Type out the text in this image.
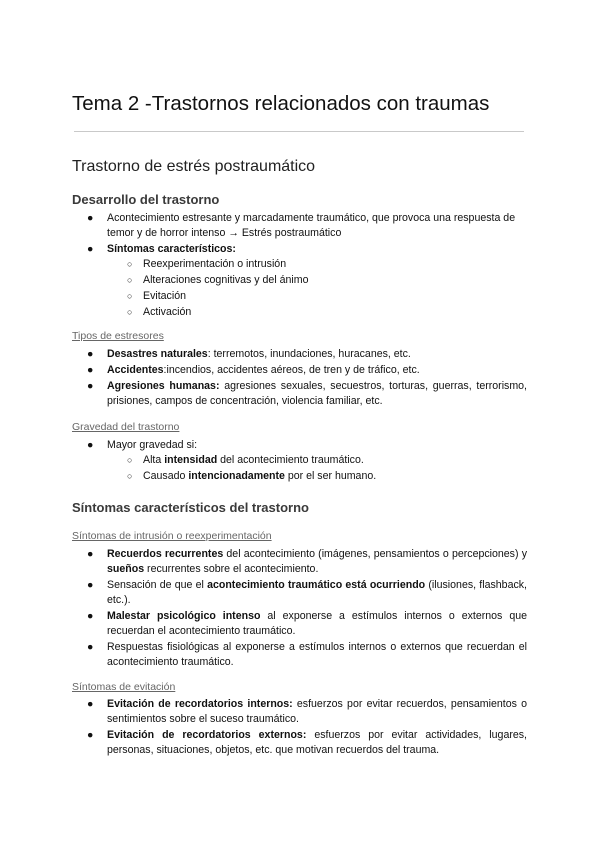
Tema 2 -Trastornos relacionados con traumas
Trastorno de estrés postraumático
Desarrollo del trastorno
● Acontecimiento estresante y marcadamente traumático, que provoca una respuesta de temor y de horror intenso → Estrés postraumático
● Síntomas característicos:
○ Reexperimentación o intrusión
○ Alteraciones cognitivas y del ánimo
○ Evitación
○ Activación
Tipos de estresores
● Desastres naturales: terremotos, inundaciones, huracanes, etc.
● Accidentes:incendios, accidentes aéreos, de tren y de tráfico, etc.
● Agresiones humanas: agresiones sexuales, secuestros, torturas, guerras, terrorismo, prisiones, campos de concentración, violencia familiar, etc.
Gravedad del trastorno
● Mayor gravedad si:
○ Alta intensidad del acontecimiento traumático.
○ Causado intencionadamente por el ser humano.
Síntomas característicos del trastorno
Síntomas de intrusión o reexperimentación
● Recuerdos recurrentes del acontecimiento (imágenes, pensamientos o percepciones) y sueños recurrentes sobre el acontecimiento.
● Sensación de que el acontecimiento traumático está ocurriendo (ilusiones, flashback, etc.).
● Malestar psicológico intenso al exponerse a estímulos internos o externos que recuerdan el acontecimiento traumático.
● Respuestas fisiológicas al exponerse a estímulos internos o externos que recuerdan el acontecimiento traumático.
Síntomas de evitación
● Evitación de recordatorios internos: esfuerzos por evitar recuerdos, pensamientos o sentimientos sobre el suceso traumático.
● Evitación de recordatorios externos: esfuerzos por evitar actividades, lugares, personas, situaciones, objetos, etc. que motivan recuerdos del trauma.
